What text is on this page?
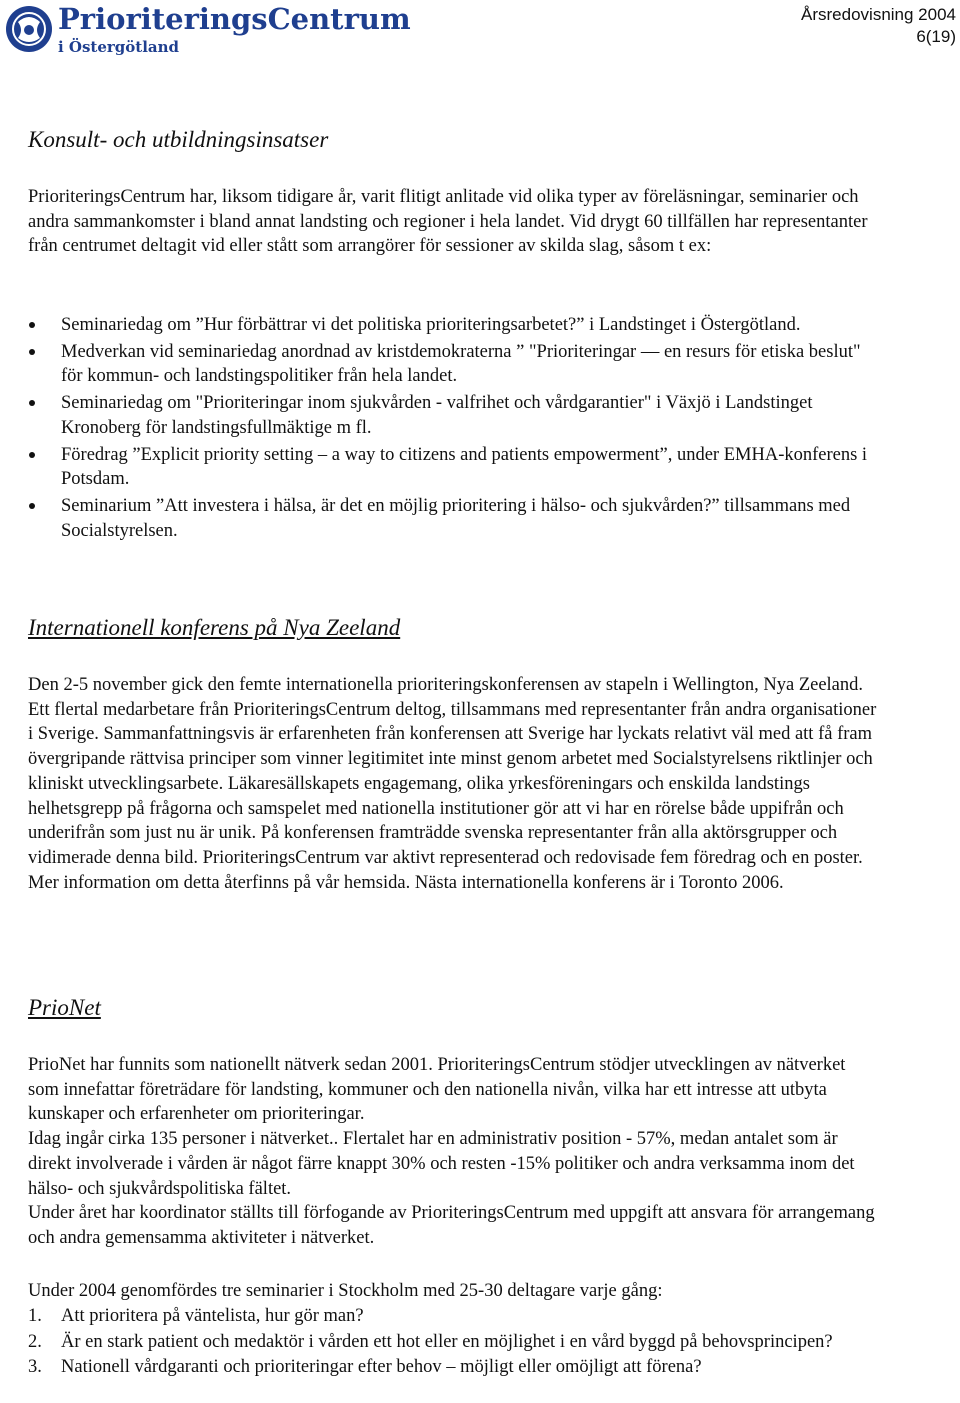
PrioriteringsCentrum
i Östergötland
Årsredovisning 2004
6(19)
Konsult- och utbildningsinsatser

PrioriteringsCentrum har, liksom tidigare år, varit flitigt anlitade vid olika typer av föreläsningar, seminarier och andra sammankomster i bland annat landsting och regioner i hela landet. Vid drygt 60 tillfällen har representanter från centrumet deltagit vid eller stått som arrangörer för sessioner av skilda slag, såsom t ex:

Seminariedag om ”Hur förbättrar vi det politiska prioriteringsarbetet?” i Landstinget i Östergötland.
Medverkan vid seminariedag anordnad av kristdemokraterna ” "Prioriteringar — en resurs för etiska beslut" för kommun- och landstingspolitiker från hela landet.
Seminariedag om "Prioriteringar inom sjukvården - valfrihet och vårdgarantier" i Växjö i Landstinget Kronoberg för landstingsfullmäktige m fl.
Föredrag ”Explicit priority setting – a way to citizens and patients empowerment”, under EMHA-konferens i Potsdam.
Seminarium ”Att investera i hälsa, är det en möjlig prioritering i hälso- och sjukvården?” tillsammans med Socialstyrelsen.
Internationell konferens på Nya Zeeland

Den 2-5 november gick den femte internationella prioriteringskonferensen av stapeln i Wellington, Nya Zeeland. Ett flertal medarbetare från PrioriteringsCentrum deltog, tillsammans med representanter från andra organisationer i Sverige. Sammanfattningsvis är erfarenheten från konferensen att Sverige har lyckats relativt väl med att få fram övergripande rättvisa principer som vinner legitimitet inte minst genom arbetet med Socialstyrelsens riktlinjer och kliniskt utvecklingsarbete. Läkaresällskapets engagemang, olika yrkesföreningars och enskilda landstings helhetsgrepp på frågorna och samspelet med nationella institutioner gör att vi har en rörelse både uppifrån och underifrån som just nu är unik. På konferensen framträdde svenska representanter från alla aktörsgrupper och vidimerade denna bild. PrioriteringsCentrum var aktivt representerad och redovisade fem föredrag och en poster. Mer information om detta återfinns på vår hemsida. Nästa internationella konferens är i Toronto 2006.

PrioNet

PrioNet har funnits som nationellt nätverk sedan 2001. PrioriteringsCentrum stödjer utvecklingen av nätverket som innefattar företrädare för landsting, kommuner och den nationella nivån, vilka har ett intresse att utbyta kunskaper och erfarenheter om prioriteringar.

Idag ingår cirka 135 personer i nätverket.. Flertalet har en administrativ position - 57%, medan antalet som är direkt involverade i vården är något färre knappt 30% och resten -15% politiker och andra verksamma inom det hälso- och sjukvårdspolitiska fältet.

Under året har koordinator ställts till förfogande av PrioriteringsCentrum med uppgift att ansvara för arrangemang och andra gemensamma aktiviteter i nätverket.

Under 2004 genomfördes tre seminarier i Stockholm med 25-30 deltagare varje gång:

1. Att prioritera på väntelista, hur gör man?
2. Är en stark patient och medaktör i vården ett hot eller en möjlighet i en vård byggd på behovsprincipen?
3. Nationell vårdgaranti och prioriteringar efter behov – möjligt eller omöjligt att förena?
